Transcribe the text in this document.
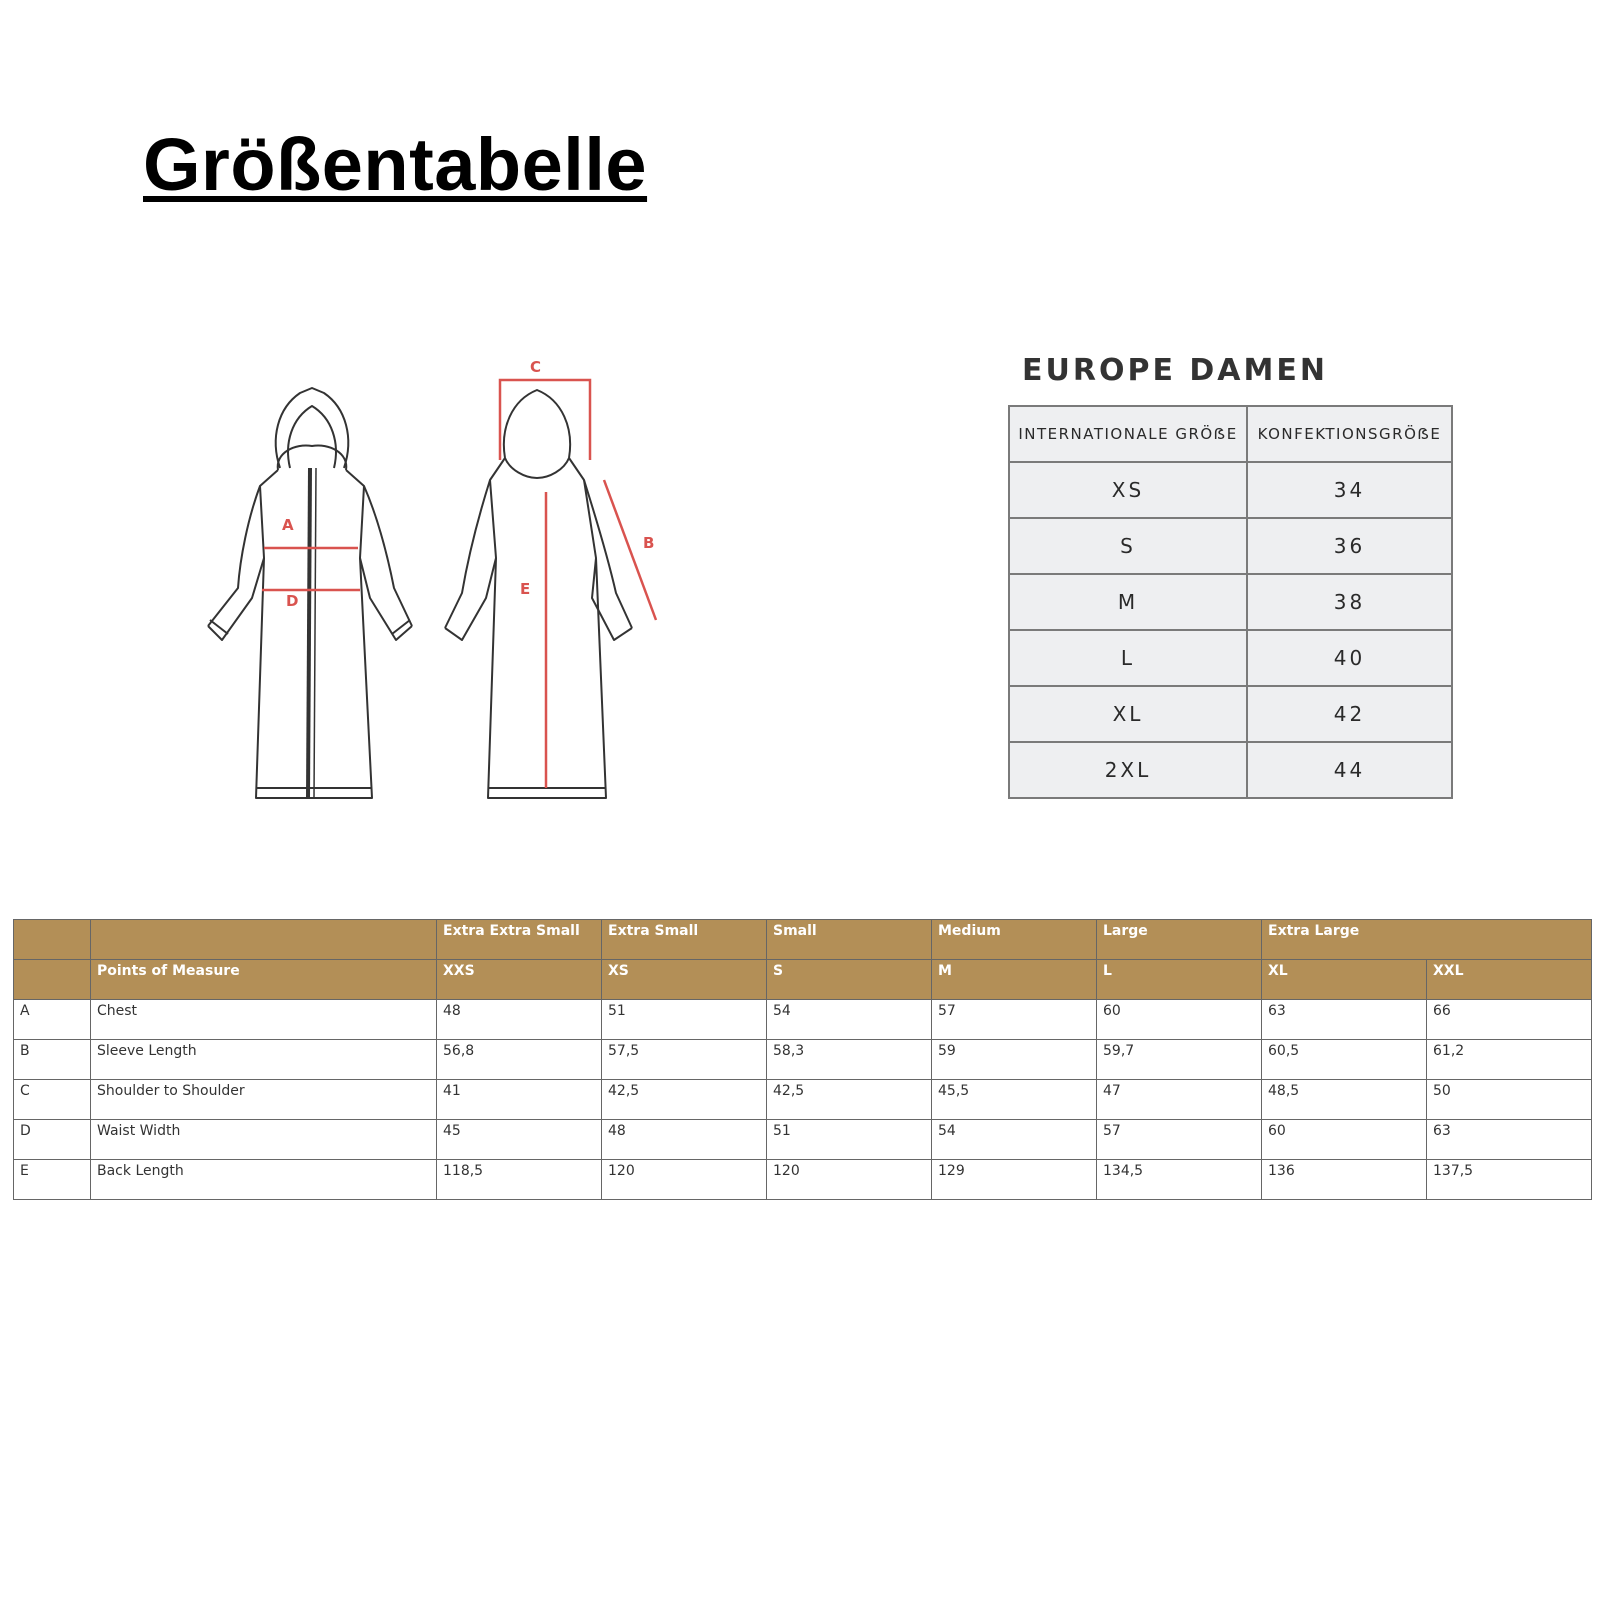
Größentabelle
A
D
C
E
B
EUROPE DAMEN
INTERNATIONALE GRÖẞE	KONFEKTIONSGRÖẞE
XS	34
S	36
M	38
L	40
XL	42
2XL	44
		Extra Extra Small	Extra Small	Small	Medium	Large	Extra Large	
	Points of Measure	XXS	XS	S	M	L	XL	XXL
A	Chest	48	51	54	57	60	63	66
B	Sleeve Length	56,8	57,5	58,3	59	59,7	60,5	61,2
C	Shoulder to Shoulder	41	42,5	42,5	45,5	47	48,5	50
D	Waist Width	45	48	51	54	57	60	63
E	Back Length	118,5	120	120	129	134,5	136	137,5
